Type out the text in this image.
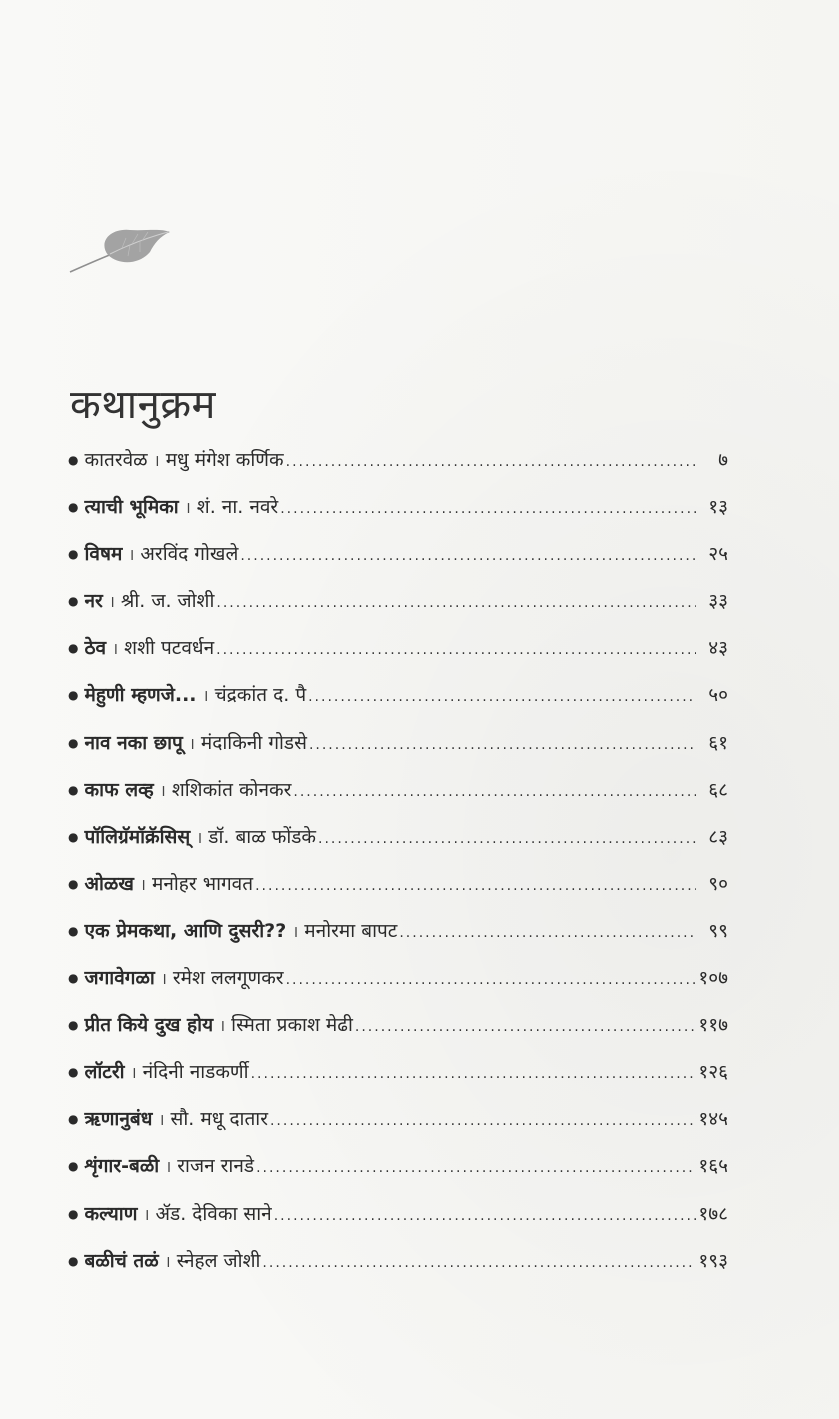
कथानुक्रम
● कातरवेळ । मधु मंगेश कर्णिक .....	७
● त्याची भूमिका । शं. ना. नवरे .....	१३
● विषम । अरविंद गोखले .....	२५
● नर । श्री. ज. जोशी .....	३३
● ठेव । शशी पटवर्धन .....	४३
● मेहुणी म्हणजे... । चंद्रकांत द. पै .....	५०
● नाव नका छापू । मंदाकिनी गोडसे .....	६१
● काफ लव्ह । शशिकांत कोनकर .....	६८
● पॉलिग्रॅमॉक्रॅसिस् । डॉ. बाळ फोंडके .....	८३
● ओळख । मनोहर भागवत .....	९०
● एक प्रेमकथा, आणि दुसरी?? । मनोरमा बापट .....	९९
● जगावेगळा । रमेश ललगूणकर .....	१०७
● प्रीत किये दुख होय । स्मिता प्रकाश मेढी .....	११७
● लॉटरी । नंदिनी नाडकर्णी .....	१२६
● ऋणानुबंध । सौ. मधू दातार .....	१४५
● शृंगार-बळी । राजन रानडे .....	१६५
● कल्याण । ॲड. देविका साने .....	१७८
● बळीचं तळं । स्नेहल जोशी .....	१९३
